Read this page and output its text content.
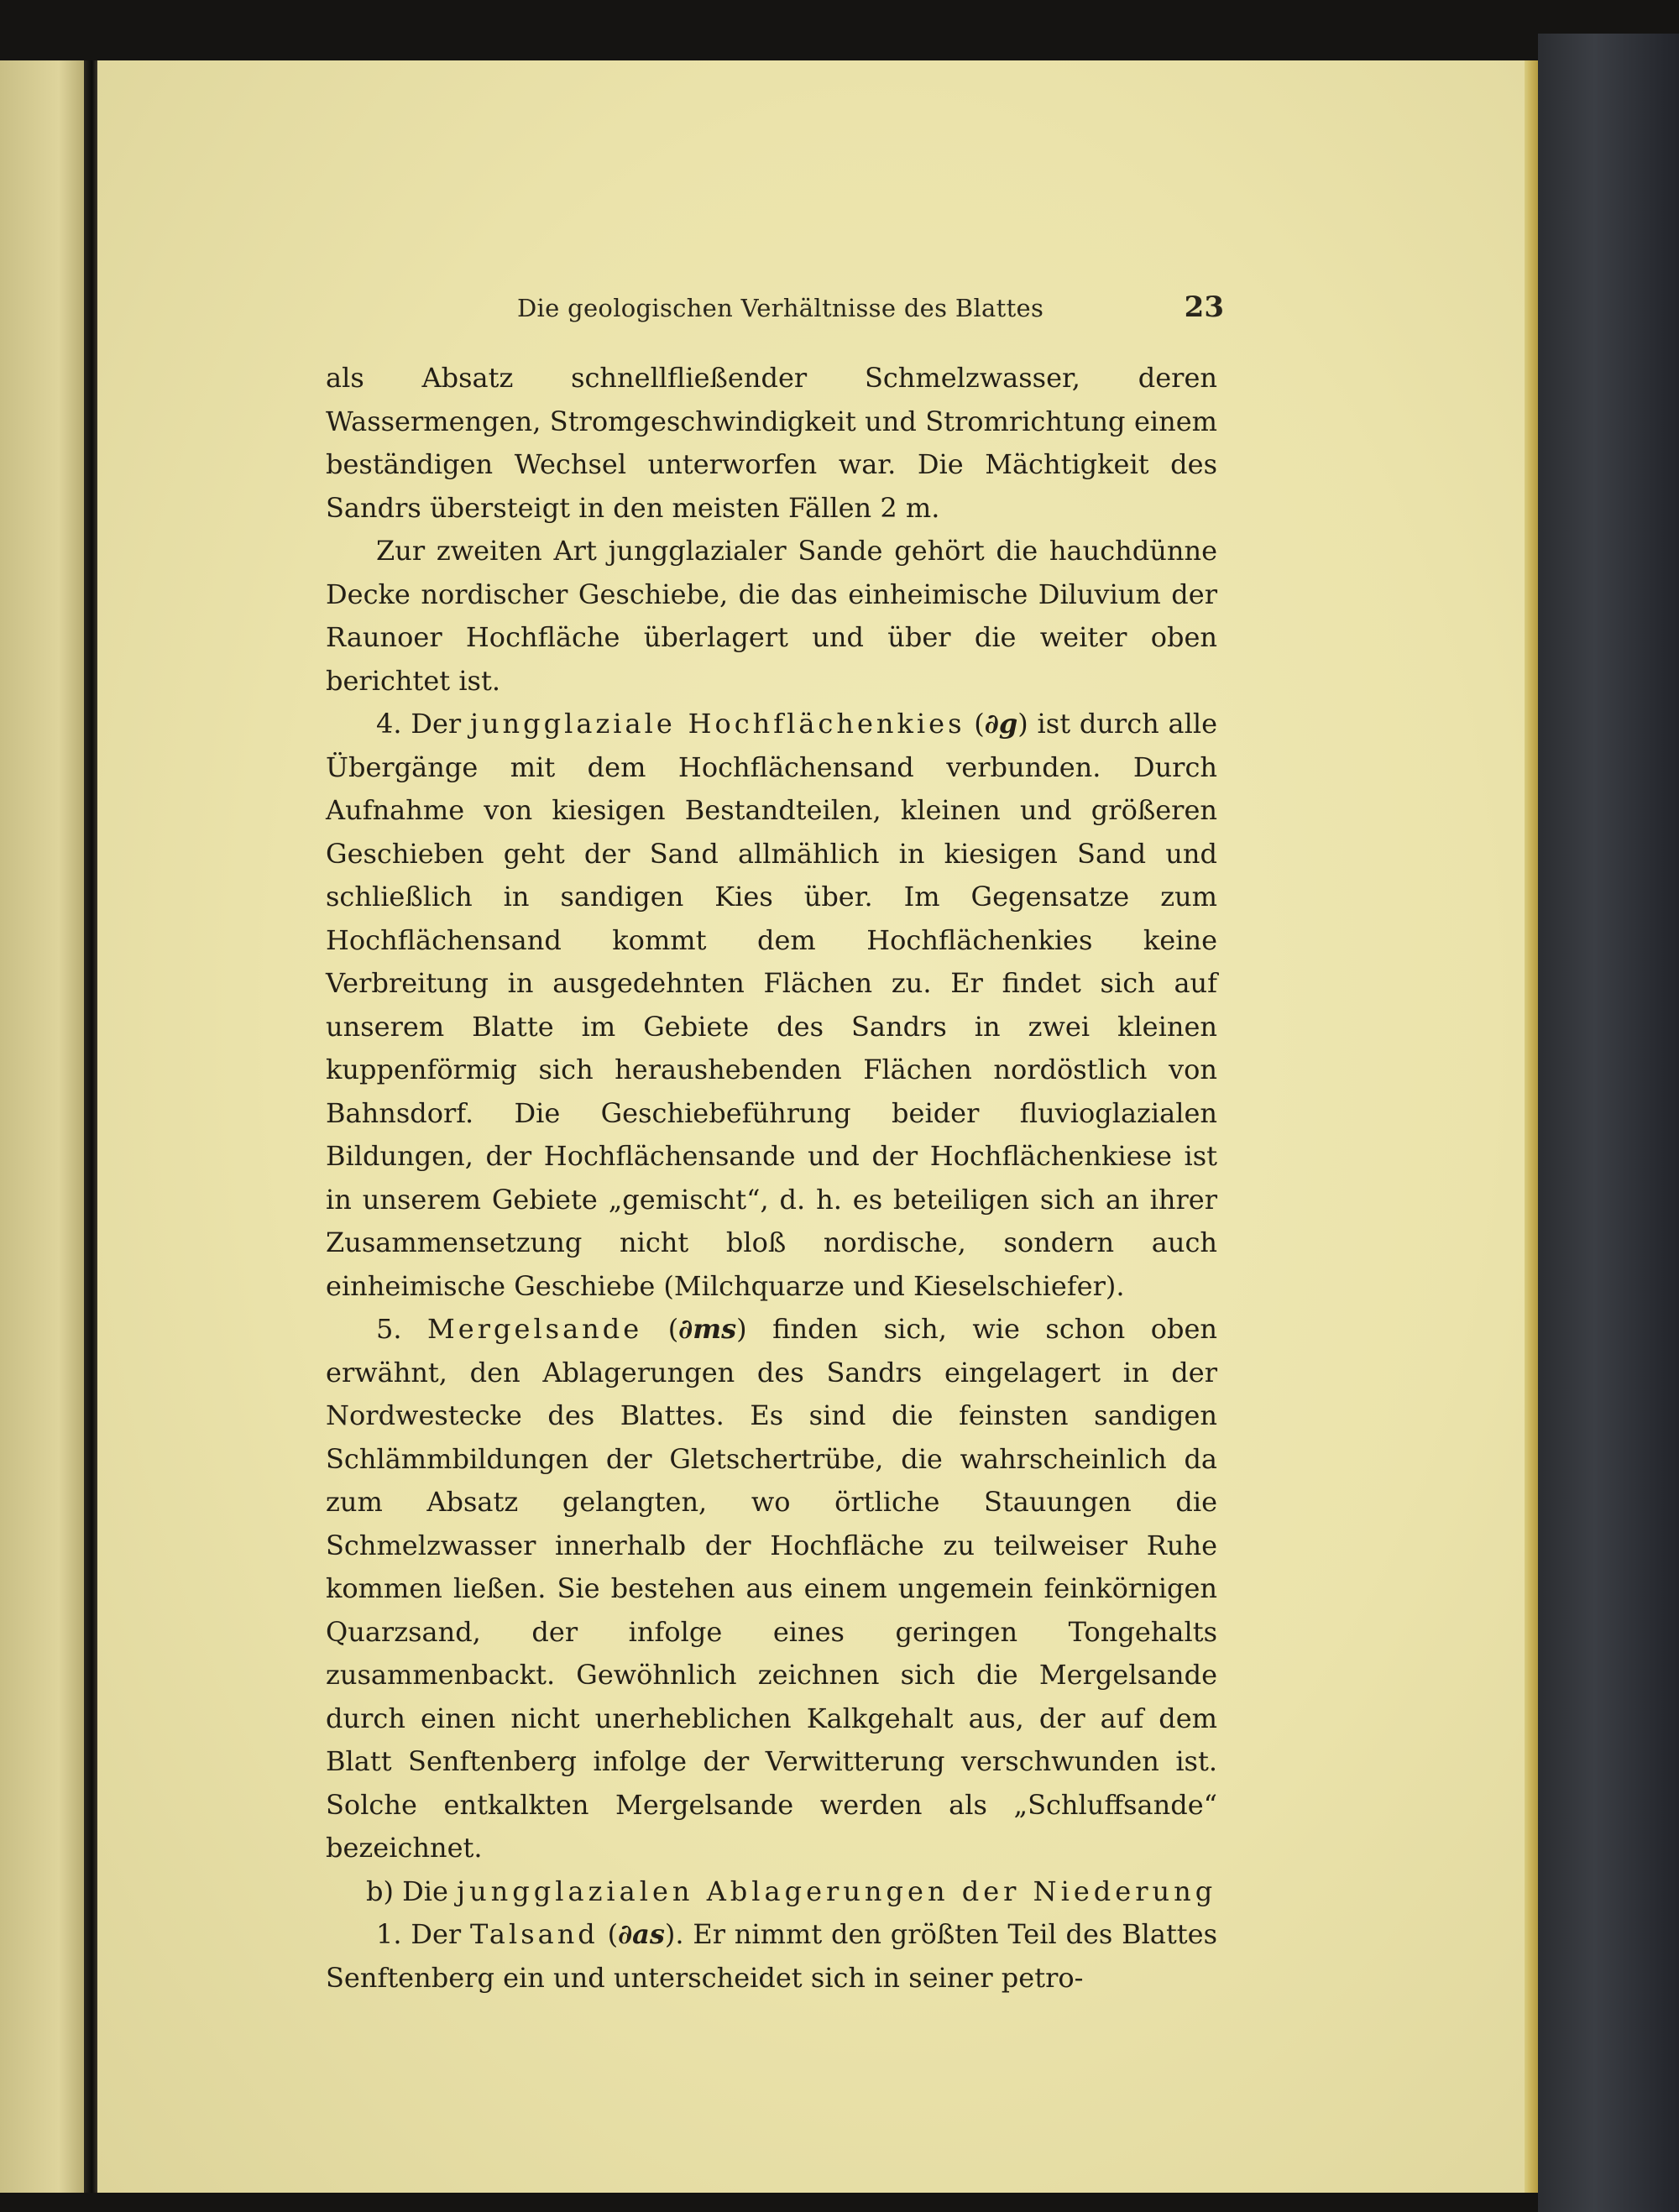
Die geologischen Verhältnisse des Blattes	23

als Absatz schnellfließender Schmelzwasser, deren Wassermengen, Stromgeschwindigkeit und Stromrichtung einem beständigen Wechsel unterworfen war. Die Mächtigkeit des Sandrs übersteigt in den meisten Fällen 2 m.

Zur zweiten Art jungglazialer Sande gehört die hauchdünne Decke nordischer Geschiebe, die das einheimische Diluvium der Raunoer Hochfläche überlagert und über die weiter oben berichtet ist.

4. Der jungglaziale Hochflächenkies (∂g) ist durch alle Übergänge mit dem Hochflächensand verbunden. Durch Aufnahme von kiesigen Bestandteilen, kleinen und größeren Geschieben geht der Sand allmählich in kiesigen Sand und schließlich in sandigen Kies über. Im Gegensatze zum Hochflächensand kommt dem Hochflächenkies keine Verbreitung in ausgedehnten Flächen zu. Er findet sich auf unserem Blatte im Gebiete des Sandrs in zwei kleinen kuppenförmig sich heraushebenden Flächen nordöstlich von Bahnsdorf. Die Geschiebeführung beider fluvioglazialen Bildungen, der Hochflächensande und der Hochflächenkiese ist in unserem Gebiete „gemischt“, d. h. es beteiligen sich an ihrer Zusammensetzung nicht bloß nordische, sondern auch einheimische Geschiebe (Milchquarze und Kieselschiefer).

5. Mergelsande (∂ms) finden sich, wie schon oben erwähnt, den Ablagerungen des Sandrs eingelagert in der Nordwestecke des Blattes. Es sind die feinsten sandigen Schlämmbildungen der Gletschertrübe, die wahrscheinlich da zum Absatz gelangten, wo örtliche Stauungen die Schmelzwasser innerhalb der Hochfläche zu teilweiser Ruhe kommen ließen. Sie bestehen aus einem ungemein feinkörnigen Quarzsand, der infolge eines geringen Tongehalts zusammenbackt. Gewöhnlich zeichnen sich die Mergelsande durch einen nicht unerheblichen Kalkgehalt aus, der auf dem Blatt Senftenberg infolge der Verwitterung verschwunden ist. Solche entkalkten Mergelsande werden als „Schluffsande“ bezeichnet.

b) Die jungglazialen Ablagerungen der Niederung

1. Der Talsand (∂as). Er nimmt den größten Teil des Blattes Senftenberg ein und unterscheidet sich in seiner petro-
